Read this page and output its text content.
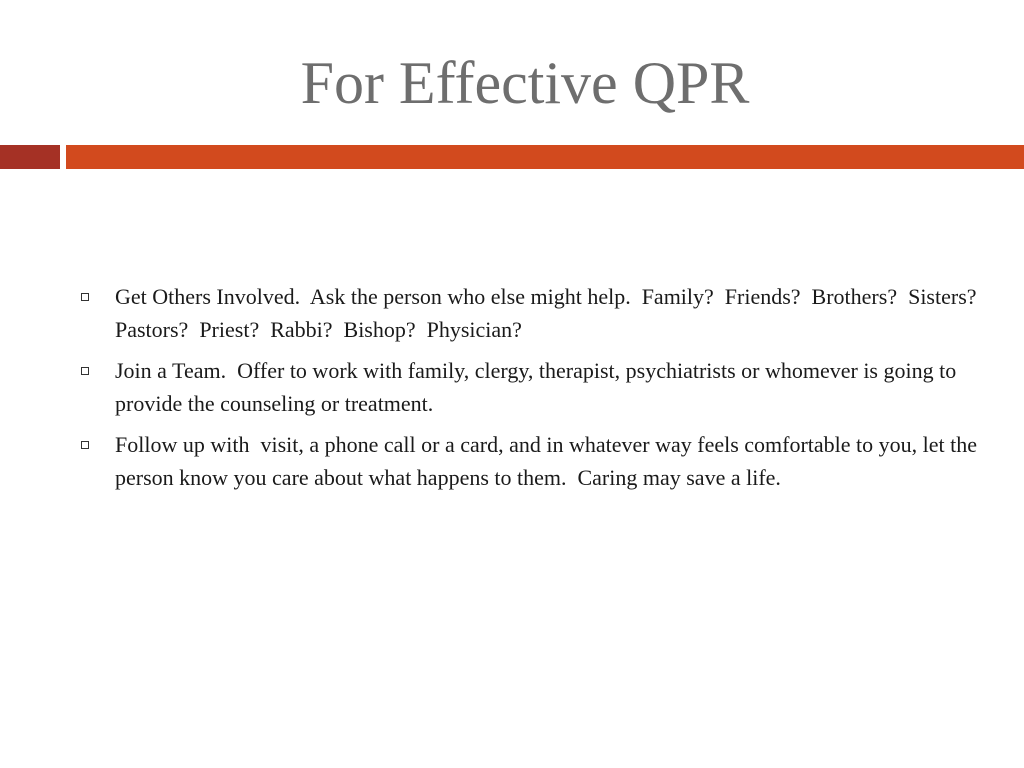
For Effective QPR
Get Others Involved.  Ask the person who else might help.  Family?  Friends?  Brothers?  Sisters?  Pastors?  Priest?  Rabbi?  Bishop?  Physician?
Join a Team.  Offer to work with family, clergy, therapist, psychiatrists or whomever is going to provide the counseling or treatment.
Follow up with  visit, a phone call or a card, and in whatever way feels comfortable to you, let the person know you care about what happens to them.  Caring may save a life.
